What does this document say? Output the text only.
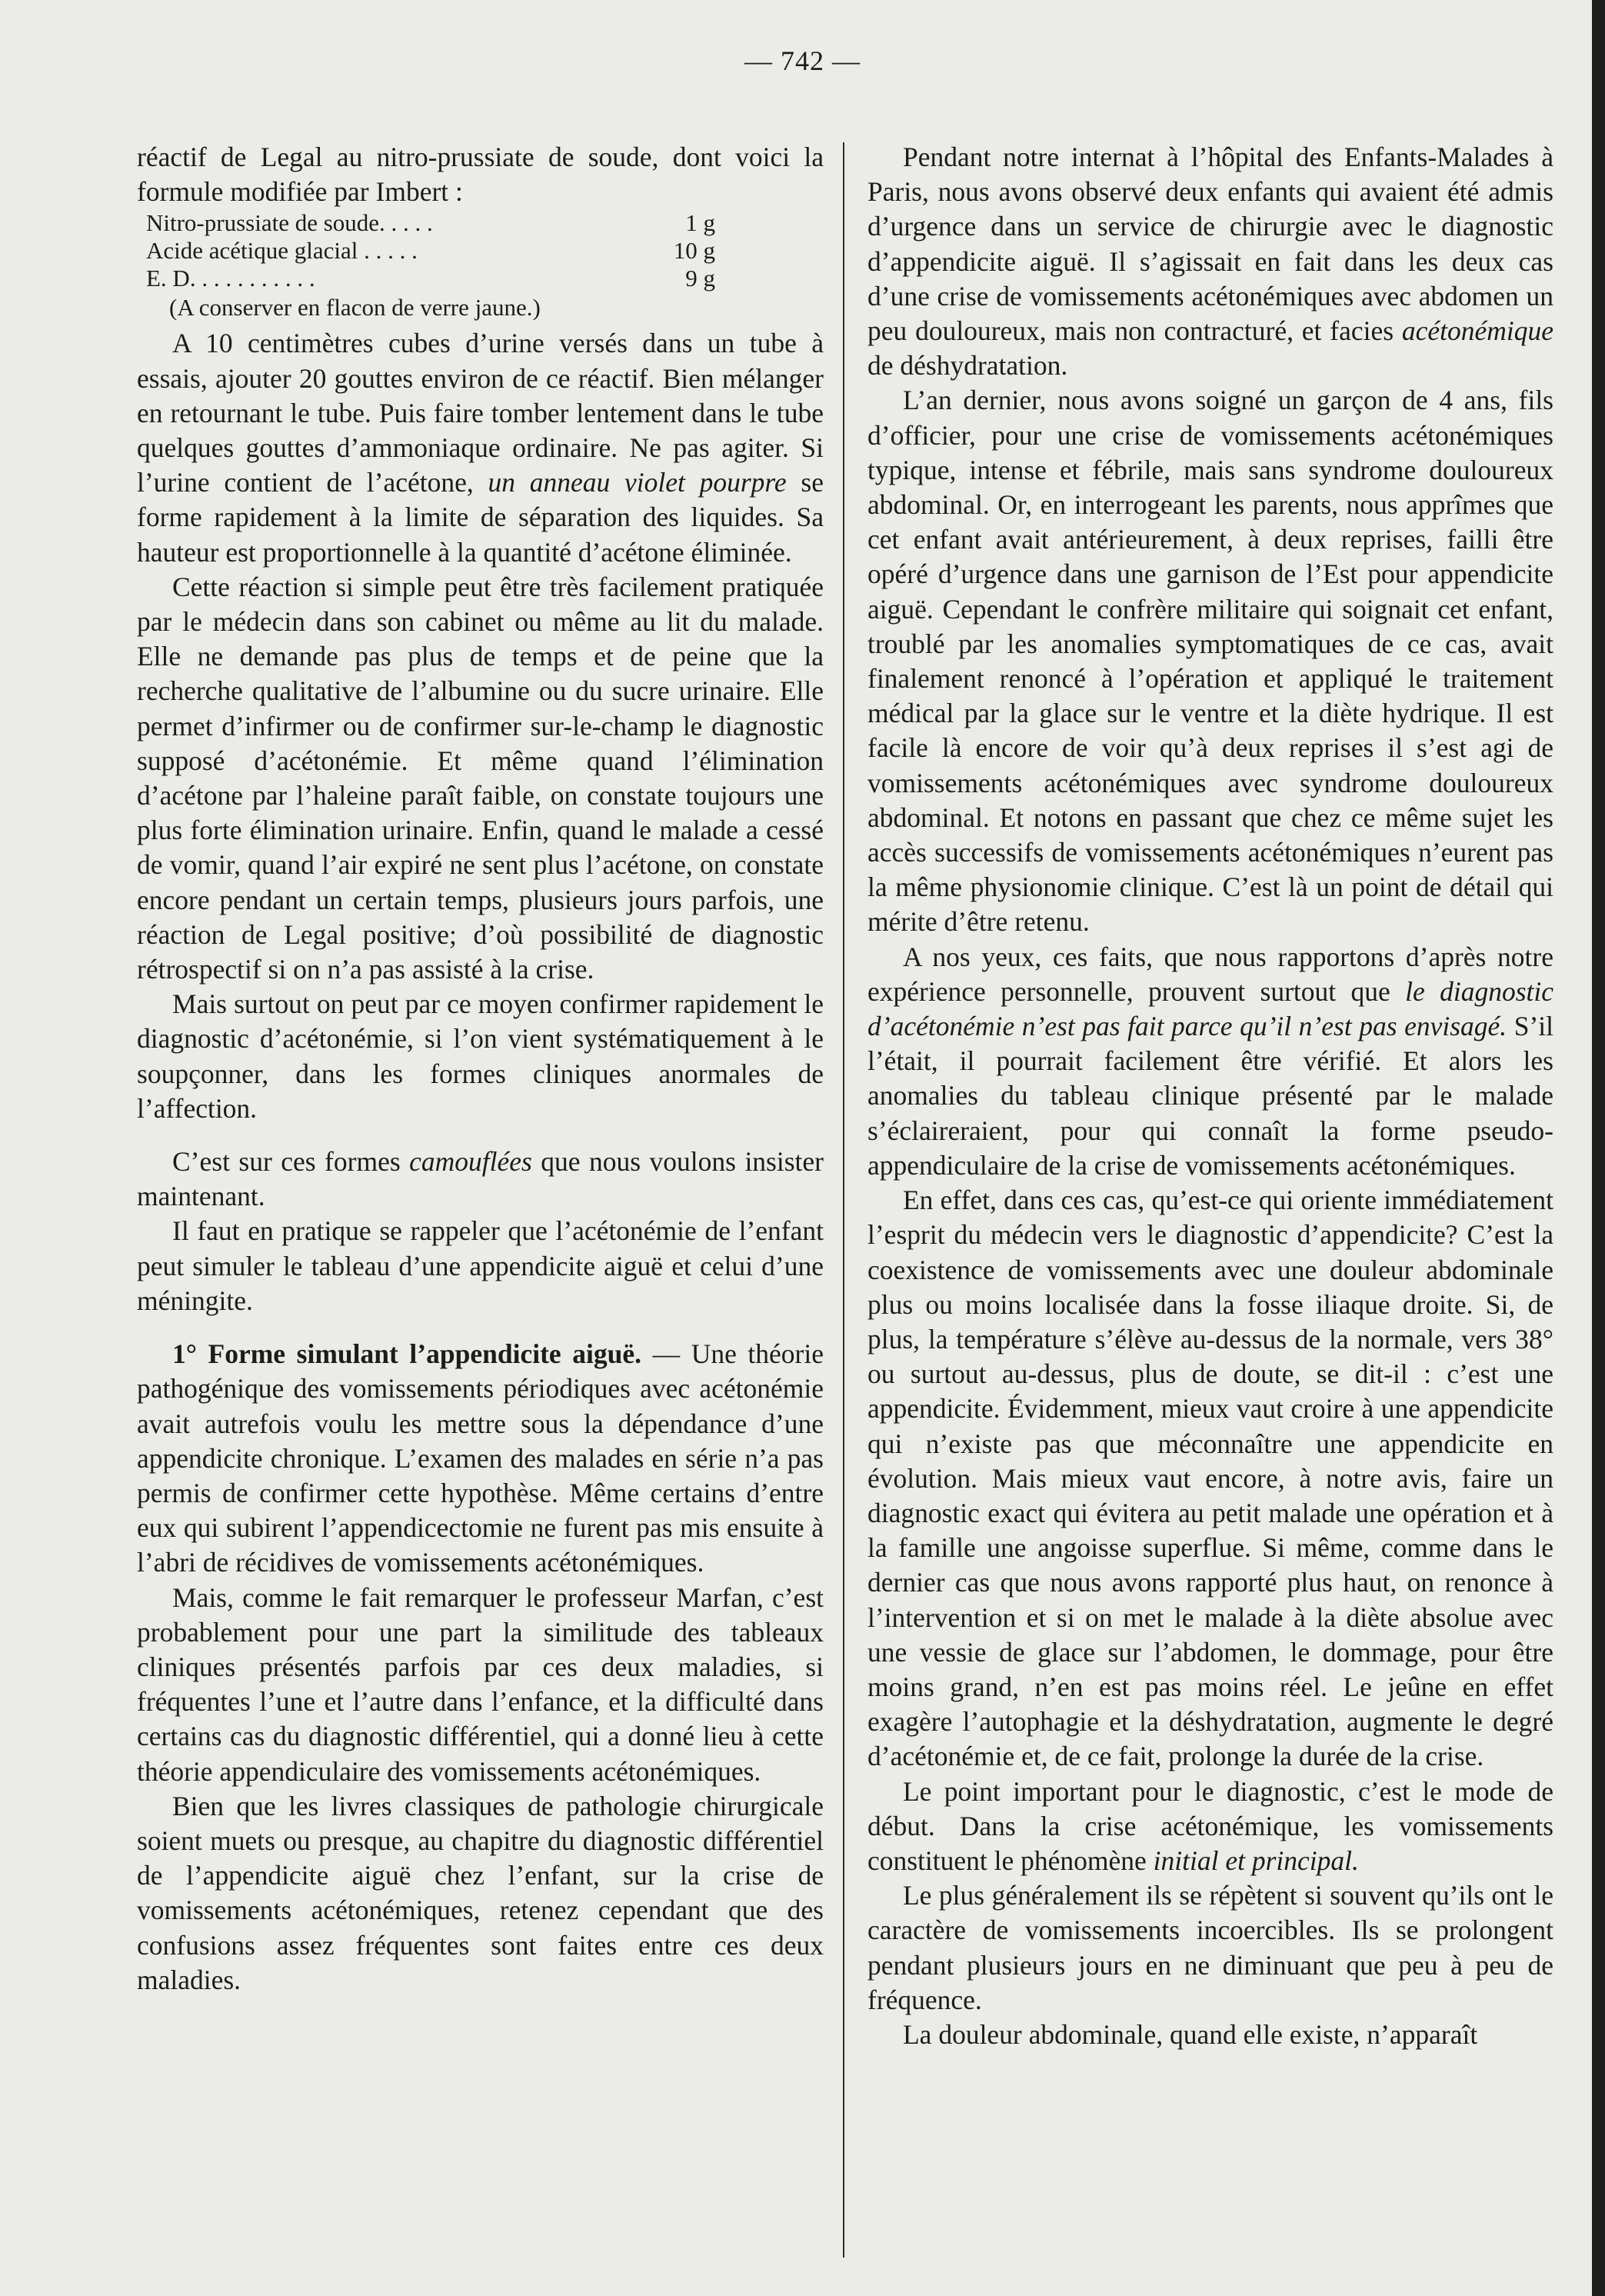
— 742 —

réactif de Legal au nitro-prussiate de soude, dont voici la formule modifiée par Imbert :

Nitro-prussiate de soude. . . . .	1 g
Acide acétique glacial . . . . .	10 g
E. D. . . . . . . . . . .	9 g
(A conserver en flacon de verre jaune.)

A 10 centimètres cubes d’urine versés dans un tube à essais, ajouter 20 gouttes environ de ce réactif. Bien mélanger en retournant le tube. Puis faire tomber lentement dans le tube quelques gouttes d’ammoniaque ordinaire. Ne pas agiter. Si l’urine contient de l’acétone, un anneau violet pourpre se forme rapidement à la limite de séparation des liquides. Sa hauteur est proportionnelle à la quantité d’acétone éliminée.

Cette réaction si simple peut être très facilement pratiquée par le médecin dans son cabinet ou même au lit du malade. Elle ne demande pas plus de temps et de peine que la recherche qualitative de l’albumine ou du sucre urinaire. Elle permet d’infirmer ou de confirmer sur-le-champ le diagnostic supposé d’acétonémie. Et même quand l’élimination d’acétone par l’haleine paraît faible, on constate toujours une plus forte élimination urinaire. Enfin, quand le malade a cessé de vomir, quand l’air expiré ne sent plus l’acétone, on constate encore pendant un certain temps, plusieurs jours parfois, une réaction de Legal positive; d’où possibilité de diagnostic rétrospectif si on n’a pas assisté à la crise.

Mais surtout on peut par ce moyen confirmer rapidement le diagnostic d’acétonémie, si l’on vient systématiquement à le soupçonner, dans les formes cliniques anormales de l’affection.

C’est sur ces formes camouflées que nous voulons insister maintenant.

Il faut en pratique se rappeler que l’acétonémie de l’enfant peut simuler le tableau d’une appendicite aiguë et celui d’une méningite.

1° Forme simulant l’appendicite aiguë. — Une théorie pathogénique des vomissements périodiques avec acétonémie avait autrefois voulu les mettre sous la dépendance d’une appendicite chronique. L’examen des malades en série n’a pas permis de confirmer cette hypothèse. Même certains d’entre eux qui subirent l’appendicectomie ne furent pas mis ensuite à l’abri de récidives de vomissements acétonémiques.

Mais, comme le fait remarquer le professeur Marfan, c’est probablement pour une part la similitude des tableaux cliniques présentés parfois par ces deux maladies, si fréquentes l’une et l’autre dans l’enfance, et la difficulté dans certains cas du diagnostic différentiel, qui a donné lieu à cette théorie appendiculaire des vomissements acétonémiques.

Bien que les livres classiques de pathologie chirurgicale soient muets ou presque, au chapitre du diagnostic différentiel de l’appendicite aiguë chez l’enfant, sur la crise de vomissements acétonémiques, retenez cependant que des confusions assez fréquentes sont faites entre ces deux maladies.

Pendant notre internat à l’hôpital des Enfants-Malades à Paris, nous avons observé deux enfants qui avaient été admis d’urgence dans un service de chirurgie avec le diagnostic d’appendicite aiguë. Il s’agissait en fait dans les deux cas d’une crise de vomissements acétonémiques avec abdomen un peu douloureux, mais non contracturé, et facies acétonémique de déshydratation.

L’an dernier, nous avons soigné un garçon de 4 ans, fils d’officier, pour une crise de vomissements acétonémiques typique, intense et fébrile, mais sans syndrome douloureux abdominal. Or, en interrogeant les parents, nous apprîmes que cet enfant avait antérieurement, à deux reprises, failli être opéré d’urgence dans une garnison de l’Est pour appendicite aiguë. Cependant le confrère militaire qui soignait cet enfant, troublé par les anomalies symptomatiques de ce cas, avait finalement renoncé à l’opération et appliqué le traitement médical par la glace sur le ventre et la diète hydrique. Il est facile là encore de voir qu’à deux reprises il s’est agi de vomissements acétonémiques avec syndrome douloureux abdominal. Et notons en passant que chez ce même sujet les accès successifs de vomissements acétonémiques n’eurent pas la même physionomie clinique. C’est là un point de détail qui mérite d’être retenu.

A nos yeux, ces faits, que nous rapportons d’après notre expérience personnelle, prouvent surtout que le diagnostic d’acétonémie n’est pas fait parce qu’il n’est pas envisagé. S’il l’était, il pourrait facilement être vérifié. Et alors les anomalies du tableau clinique présenté par le malade s’éclaireraient, pour qui connaît la forme pseudo-appendiculaire de la crise de vomissements acétonémiques.

En effet, dans ces cas, qu’est-ce qui oriente immédiatement l’esprit du médecin vers le diagnostic d’appendicite? C’est la coexistence de vomissements avec une douleur abdominale plus ou moins localisée dans la fosse iliaque droite. Si, de plus, la température s’élève au-dessus de la normale, vers 38° ou surtout au-dessus, plus de doute, se dit-il : c’est une appendicite. Évidemment, mieux vaut croire à une appendicite qui n’existe pas que méconnaître une appendicite en évolution. Mais mieux vaut encore, à notre avis, faire un diagnostic exact qui évitera au petit malade une opération et à la famille une angoisse superflue. Si même, comme dans le dernier cas que nous avons rapporté plus haut, on renonce à l’intervention et si on met le malade à la diète absolue avec une vessie de glace sur l’abdomen, le dommage, pour être moins grand, n’en est pas moins réel. Le jeûne en effet exagère l’autophagie et la déshydratation, augmente le degré d’acétonémie et, de ce fait, prolonge la durée de la crise.

Le point important pour le diagnostic, c’est le mode de début. Dans la crise acétonémique, les vomissements constituent le phénomène initial et principal.

Le plus généralement ils se répètent si souvent qu’ils ont le caractère de vomissements incoercibles. Ils se prolongent pendant plusieurs jours en ne diminuant que peu à peu de fréquence.

La douleur abdominale, quand elle existe, n’apparaît
